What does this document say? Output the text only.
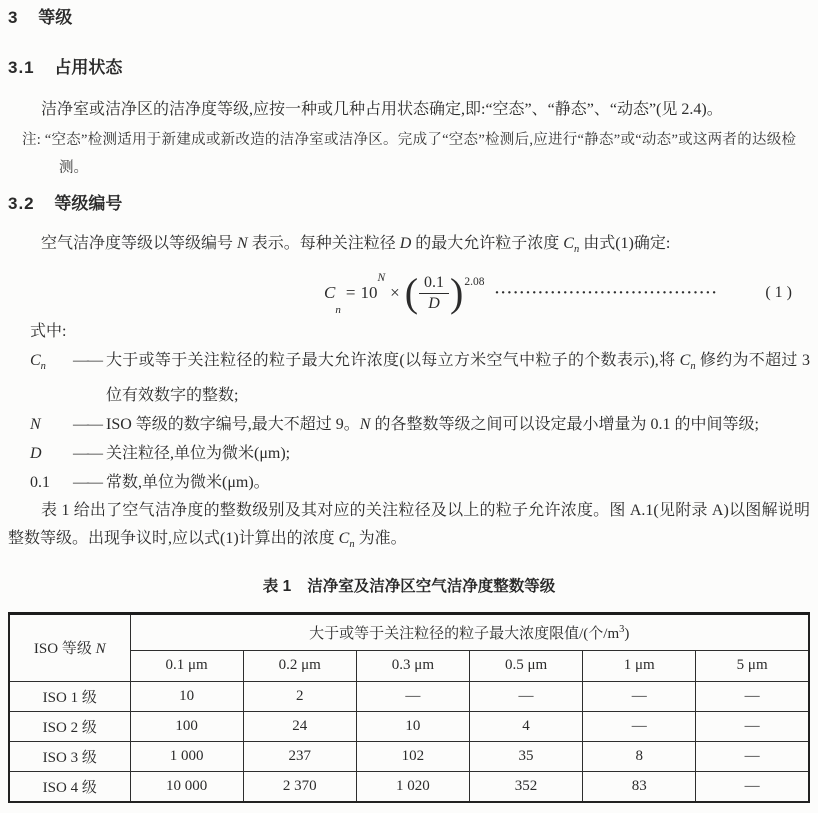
3 等级
3.1 占用状态

洁净室或洁净区的洁净度等级,应按一种或几种占用状态确定,即:“空态”、“静态”、“动态”(见 2.4)。

注: “空态”检测适用于新建成或新改造的洁净室或洁净区。完成了“空态”检测后,应进行“静态”或“动态”或这两者的达级检测。
3.2 等级编号

空气洁净度等级以等级编号 N 表示。每种关注粒径 D 的最大允许粒子浓度 $C_n$ 由式(1)确定:

C
n
= 10
N
× ( $\frac{0.1}{D}$ ) 2.08
····································	( 1 )
式中:
$C_n$	—— 大于或等于关注粒径的粒子最大允许浓度(以每立方米空气中粒子的个数表示),将 $C_n$ 修约为不超过 3 位有效数字的整数;
N	—— ISO 等级的数字编号,最大不超过 9。N 的各整数等级之间可以设定最小增量为 0.1 的中间等级;
D	—— 关注粒径,单位为微米(μm);
0.1	—— 常数,单位为微米(μm)。

表 1 给出了空气洁净度的整数级别及其对应的关注粒径及以上的粒子允许浓度。图 A.1(见附录 A)以图解说明整数等级。出现争议时,应以式(1)计算出的浓度 $C_n$ 为准。

表 1 洁净室及洁净区空气洁净度整数等级
ISO 等级 N	大于或等于关注粒径的粒子最大浓度限值/(个$/m^3$)					
	0.1 μm	0.2 μm	0.3 μm	0.5 μm	1 μm	5 μm
ISO 1 级	10	2	—	—	—	—
ISO 2 级	100	24	10	4	—	—
ISO 3 级	1 000	237	102	35	8	—
ISO 4 级	10 000	2 370	1 020	352	83	—
